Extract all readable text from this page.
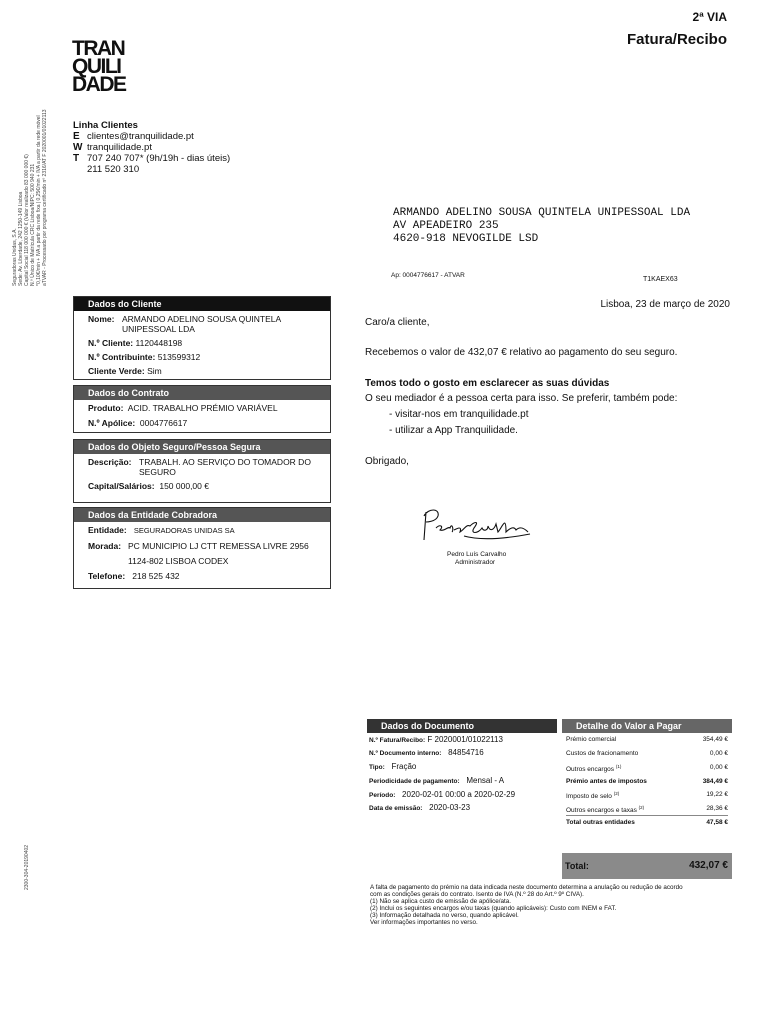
2ª VIA
Fatura/Recibo
TRAN
QUILI
DADE
Seguradoras Unidas, S.A. Sede: Av. Liberdade, 242 1250-149 Lisboa Capital Social 118 000 000 € (Valor realizado 83 000 000 €) N.º Único de Matrícula CRC Lisboa/NIPC: 500 940 231 *0,10€/min + IVA a partir da rede fixa | 0,25€/min + IVA a partir da rede móvel aTVAR - Processado por programa certificado nº 2316/AT F 2020001/01022113
2300-304-20190402
Linha Clientes
E clientes@tranquilidade.pt
W tranquilidade.pt
T 707 240 707* (9h/19h - dias úteis)
211 520 310
ARMANDO ADELINO SOUSA QUINTELA UNIPESSOAL LDA
AV APEADEIRO 235
4620-918 NEVOGILDE LSD
Ap: 0004776617 - ATVAR
T1KAEX63
Dados do Cliente
Nome: ARMANDO ADELINO SOUSA QUINTELA
UNIPESSOAL LDA
N.º Cliente: 1120448198
N.º Contribuinte: 513599312
Cliente Verde: Sim
Dados do Contrato
Produto: ACID. TRABALHO PRÉMIO VARIÁVEL
N.º Apólice: 0004776617
Dados do Objeto Seguro/Pessoa Segura
Descrição: TRABALH. AO SERVIÇO DO TOMADOR DO
SEGURO
Capital/Salários: 150 000,00 €
Dados da Entidade Cobradora
Entidade: SEGURADORAS UNIDAS SA
Morada: PC MUNICIPIO LJ CTT REMESSA LIVRE 2956
1124-802 LISBOA CODEX
Telefone: 218 525 432
Lisboa, 23 de março de 2020
Caro/a cliente,
Recebemos o valor de 432,07 € relativo ao pagamento do seu seguro.
Temos todo o gosto em esclarecer as suas dúvidas
O seu mediador é a pessoa certa para isso. Se preferir, também pode:
- visitar-nos em tranquilidade.pt
- utilizar a App Tranquilidade.
Obrigado,
Pedro Luís Carvalho
Administrador
Dados do Documento
N.º Fatura/Recibo: F 2020001/01022113
N.º Documento interno: 84854716
Tipo: Fração
Periodicidade de pagamento: Mensal - A
Período: 2020-02-01 00:00 a 2020-02-29
Data de emissão: 2020-03-23
Detalhe do Valor a Pagar
Prémio comercial	354,49 €
Custos de fracionamento	0,00 €
Outros encargos $^{(1)}$	0,00 €
Prémio antes de impostos	384,49 €
Imposto de selo $^{(2)}$	19,22 €
Outros encargos e taxas $^{(2)}$	28,36 €
Total outras entidades	47,58 €
Total:	432,07 €
A falta de pagamento do prémio na data indicada neste documento determina a anulação ou redução de acordo
com as condições gerais do contrato. Isento de IVA (N.º 28 do Art.º 9º CIVA).
(1) Não se aplica custo de emissão de apólice/ata.
(2) Inclui os seguintes encargos e/ou taxas (quando aplicáveis): Custo com INEM e FAT.
(3) Informação detalhada no verso, quando aplicável.
Ver informações importantes no verso.
